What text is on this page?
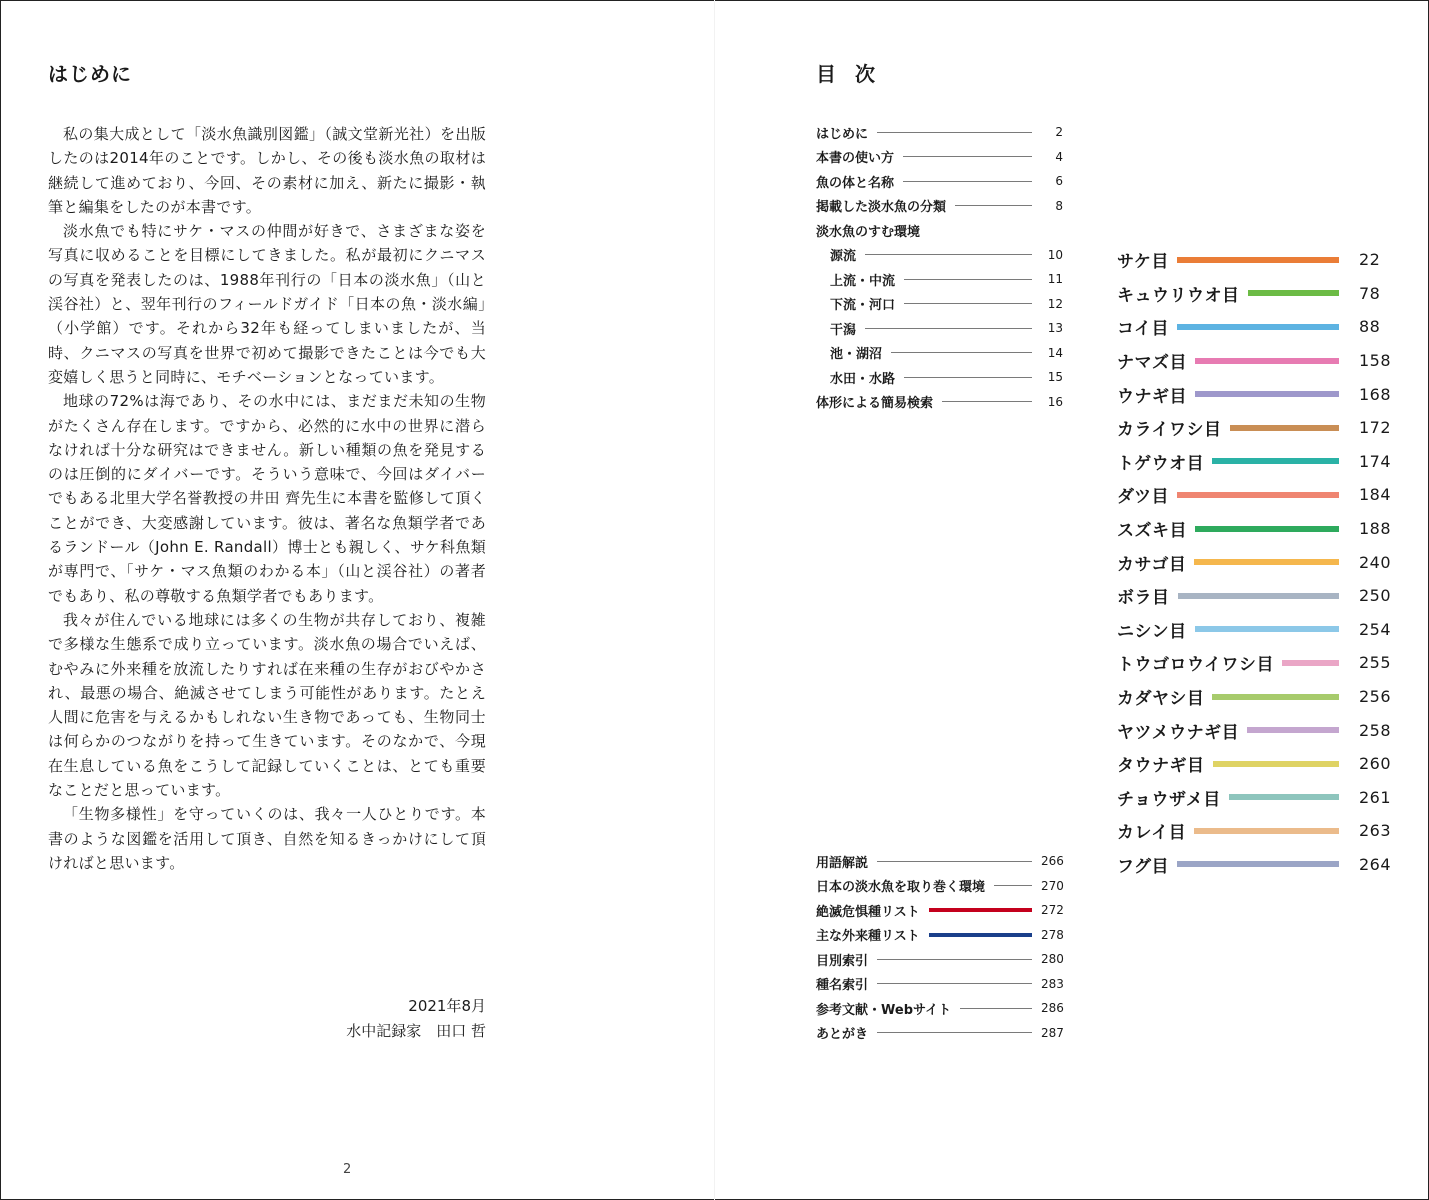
はじめに

私の集大成として「淡水魚識別図鑑」（誠文堂新光社）を出版したのは2014年のことです。しかし、その後も淡水魚の取材は継続して進めており、今回、その素材に加え、新たに撮影・執筆と編集をしたのが本書です。

淡水魚でも特にサケ・マスの仲間が好きで、さまざまな姿を写真に収めることを目標にしてきました。私が最初にクニマスの写真を発表したのは、1988年刊行の「日本の淡水魚」（山と渓谷社）と、翌年刊行のフィールドガイド「日本の魚・淡水編」（小学館）です。それから32年も経ってしまいましたが、当時、クニマスの写真を世界で初めて撮影できたことは今でも大変嬉しく思うと同時に、モチベーションとなっています。

地球の72%は海であり、その水中には、まだまだ未知の生物がたくさん存在します。ですから、必然的に水中の世界に潜らなければ十分な研究はできません。新しい種類の魚を発見するのは圧倒的にダイバーです。そういう意味で、今回はダイバーでもある北里大学名誉教授の井田 齊先生に本書を監修して頂くことができ、大変感謝しています。彼は、著名な魚類学者であるランドール（John E. Randall）博士とも親しく、サケ科魚類が専門で、「サケ・マス魚類のわかる本」（山と渓谷社）の著者でもあり、私の尊敬する魚類学者でもあります。

我々が住んでいる地球には多くの生物が共存しており、複雑で多様な生態系で成り立っています。淡水魚の場合でいえば、むやみに外来種を放流したりすれば在来種の生存がおびやかされ、最悪の場合、絶滅させてしまう可能性があります。たとえ人間に危害を与えるかもしれない生き物であっても、生物同士は何らかのつながりを持って生きています。そのなかで、今現在生息している魚をこうして記録していくことは、とても重要なことだと思っています。

「生物多様性」を守っていくのは、我々一人ひとりです。本書のような図鑑を活用して頂き、自然を知るきっかけにして頂ければと思います。

2021年8月
水中記録家　田口 哲
2
目 次
はじめに	2
本書の使い方	4
魚の体と名称	6
掲載した淡水魚の分類	8
淡水魚のすむ環境
源流	10
上流・中流	11
下流・河口	12
干潟	13
池・湖沼	14
水田・水路	15
体形による簡易検索	16
サケ目	22
キュウリウオ目	78
コイ目	88
ナマズ目	158
ウナギ目	168
カライワシ目	172
トゲウオ目	174
ダツ目	184
スズキ目	188
カサゴ目	240
ボラ目	250
ニシン目	254
トウゴロウイワシ目	255
カダヤシ目	256
ヤツメウナギ目	258
タウナギ目	260
チョウザメ目	261
カレイ目	263
フグ目	264
用語解説	266
日本の淡水魚を取り巻く環境	270
絶滅危惧種リスト	272
主な外来種リスト	278
目別索引	280
種名索引	283
参考文献・Webサイト	286
あとがき	287
